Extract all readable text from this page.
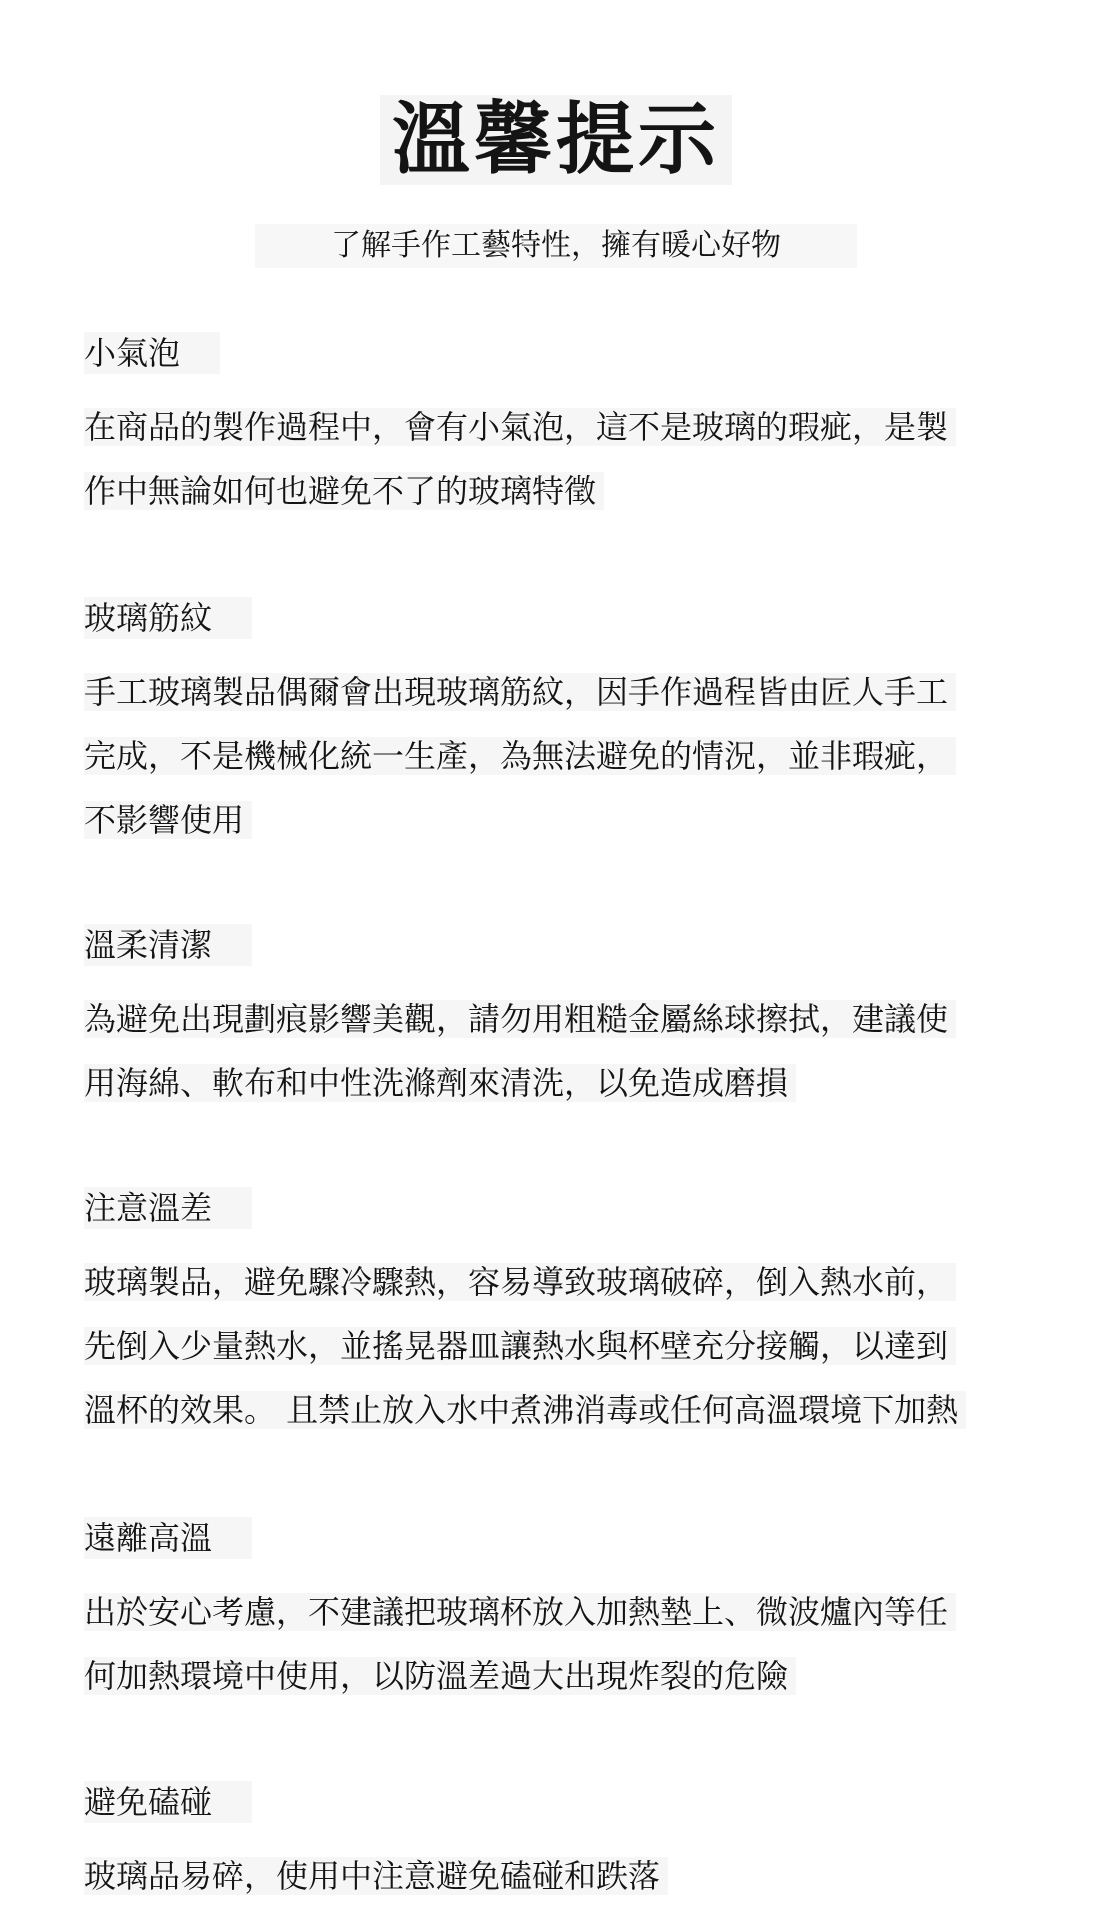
溫馨提示

了解手作工藝特性，擁有暖心好物

小氣泡

在商品的製作過程中，會有小氣泡，這不是玻璃的瑕疵，是製
作中無論如何也避免不了的玻璃特徵

玻璃筋紋

手工玻璃製品偶爾會出現玻璃筋紋，因手作過程皆由匠人手工
完成，不是機械化統一生產，為無法避免的情況，並非瑕疵，
不影響使用

溫柔清潔

為避免出現劃痕影響美觀，請勿用粗糙金屬絲球擦拭，建議使
用海綿、軟布和中性洗滌劑來清洗，以免造成磨損

注意溫差

玻璃製品，避免驟冷驟熱，容易導致玻璃破碎，倒入熱水前，
先倒入少量熱水，並搖晃器皿讓熱水與杯壁充分接觸，以達到
溫杯的效果。 且禁止放入水中煮沸消毒或任何高溫環境下加熱

遠離高溫

出於安心考慮，不建議把玻璃杯放入加熱墊上、微波爐內等任
何加熱環境中使用，以防溫差過大出現炸裂的危險

避免磕碰

玻璃品易碎，使用中注意避免磕碰和跌落
